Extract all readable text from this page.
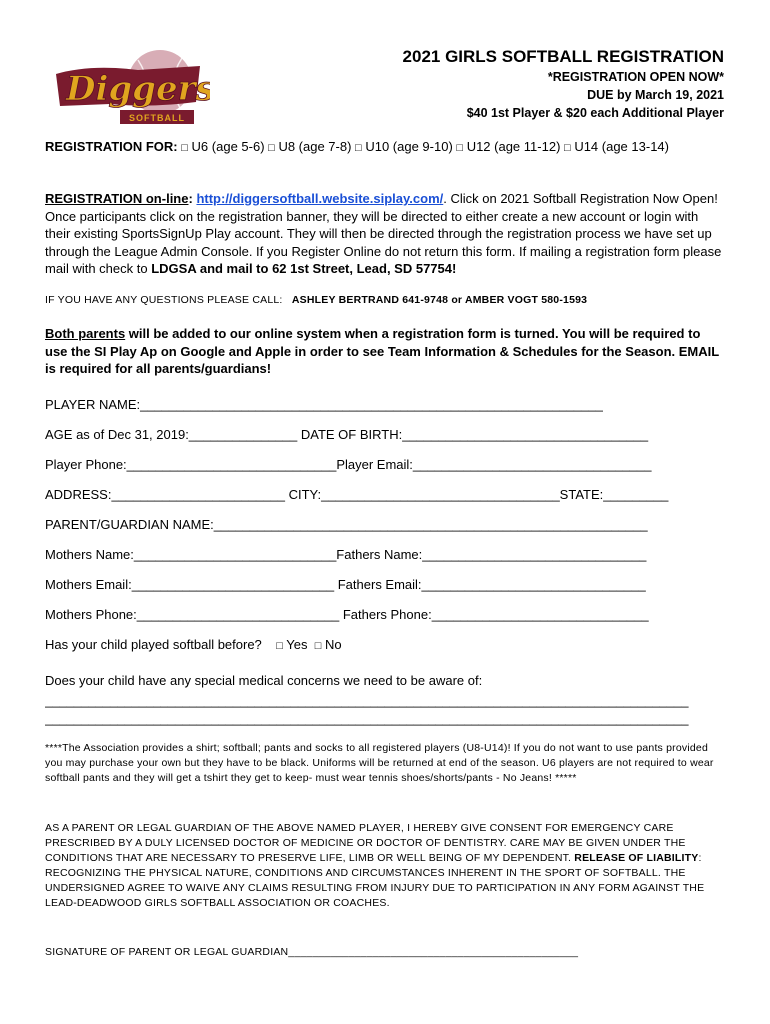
Diggers
SOFTBALL
2021 GIRLS SOFTBALL REGISTRATION
*REGISTRATION OPEN NOW*
DUE by March 19, 2021
$40 1st Player & $20 each Additional Player
REGISTRATION FOR: □ U6 (age 5-6) □ U8 (age 7-8) □ U10 (age 9-10) □ U12 (age 11-12) □ U14 (age 13-14)
REGISTRATION on-line: http://diggersoftball.website.siplay.com/. Click on 2021 Softball Registration Now Open! Once participants click on the registration banner, they will be directed to either create a new account or login with their existing SportsSignUp Play account. They will then be directed through the registration process we have set up through the League Admin Console. If you Register Online do not return this form. If mailing a registration form please mail with check to LDGSA and mail to 62 1st Street, Lead, SD 57754!
IF YOU HAVE ANY QUESTIONS PLEASE CALL: ASHLEY BERTRAND 641-9748 or AMBER VOGT 580-1593
Both parents will be added to our online system when a registration form is turned. You will be required to use the SI Play Ap on Google and Apple in order to see Team Information & Schedules for the Season. EMAIL is required for all parents/guardians!
PLAYER NAME:________________________________________________________________
AGE as of Dec 31, 2019:_______________ DATE OF BIRTH:__________________________________
Player Phone:_____________________________Player Email:_________________________________
ADDRESS:________________________ CITY:_________________________________STATE:_________
PARENT/GUARDIAN NAME:____________________________________________________________
Mothers Name:____________________________Fathers Name:_______________________________
Mothers Email:____________________________ Fathers Email:_______________________________
Mothers Phone:____________________________ Fathers Phone:______________________________
Has your child played softball before? □ Yes □ No
Does your child have any special medical concerns we need to be aware of:
_________________________________________________________________________________________
_________________________________________________________________________________________
****The Association provides a shirt; softball; pants and socks to all registered players (U8-U14)! If you do not want to use pants provided you may purchase your own but they have to be black. Uniforms will be returned at end of the season. U6 players are not required to wear softball pants and they will get a tshirt they get to keep- must wear tennis shoes/shorts/pants - No Jeans! *****
AS A PARENT OR LEGAL GUARDIAN OF THE ABOVE NAMED PLAYER, I HEREBY GIVE CONSENT FOR EMERGENCY CARE PRESCRIBED BY A DULY LICENSED DOCTOR OF MEDICINE OR DOCTOR OF DENTISTRY. CARE MAY BE GIVEN UNDER THE CONDITIONS THAT ARE NECESSARY TO PRESERVE LIFE, LIMB OR WELL BEING OF MY DEPENDENT. RELEASE OF LIABILITY: RECOGNIZING THE PHYSICAL NATURE, CONDITIONS AND CIRCUMSTANCES INHERENT IN THE SPORT OF SOFTBALL. THE UNDERSIGNED AGREE TO WAIVE ANY CLAIMS RESULTING FROM INJURY DUE TO PARTICIPATION IN ANY FORM AGAINST THE LEAD-DEADWOOD GIRLS SOFTBALL ASSOCIATION OR COACHES.
SIGNATURE OF PARENT OR LEGAL GUARDIAN________________________________________________
